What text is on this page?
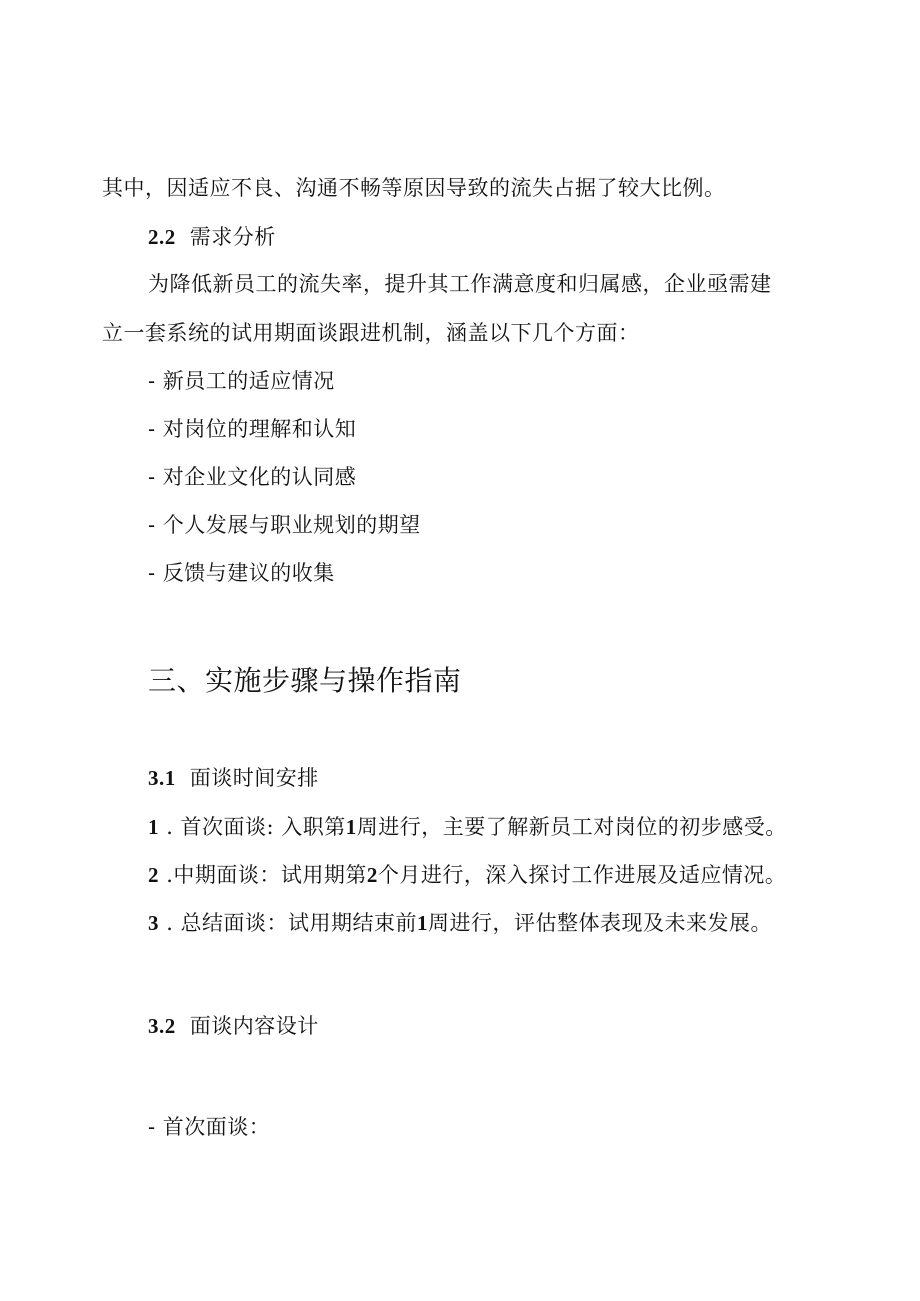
其中，因适应不良、沟通不畅等原因导致的流失占据了较大比例。
2.2 需求分析
为降低新员工的流失率，提升其工作满意度和归属感，企业亟需建
立一套系统的试用期面谈跟进机制，涵盖以下几个方面：
- 新员工的适应情况
- 对岗位的理解和认知
- 对企业文化的认同感
- 个人发展与职业规划的期望
- 反馈与建议的收集
三、实施步骤与操作指南
3.1 面谈时间安排
1 . 首次面谈: 入职第1周进行，主要了解新员工对岗位的初步感受。
2 .中期面谈：试用期第2个月进行，深入探讨工作进展及适应情况。
3 . 总结面谈：试用期结束前1周进行，评估整体表现及未来发展。
3.2 面谈内容设计
- 首次面谈：
